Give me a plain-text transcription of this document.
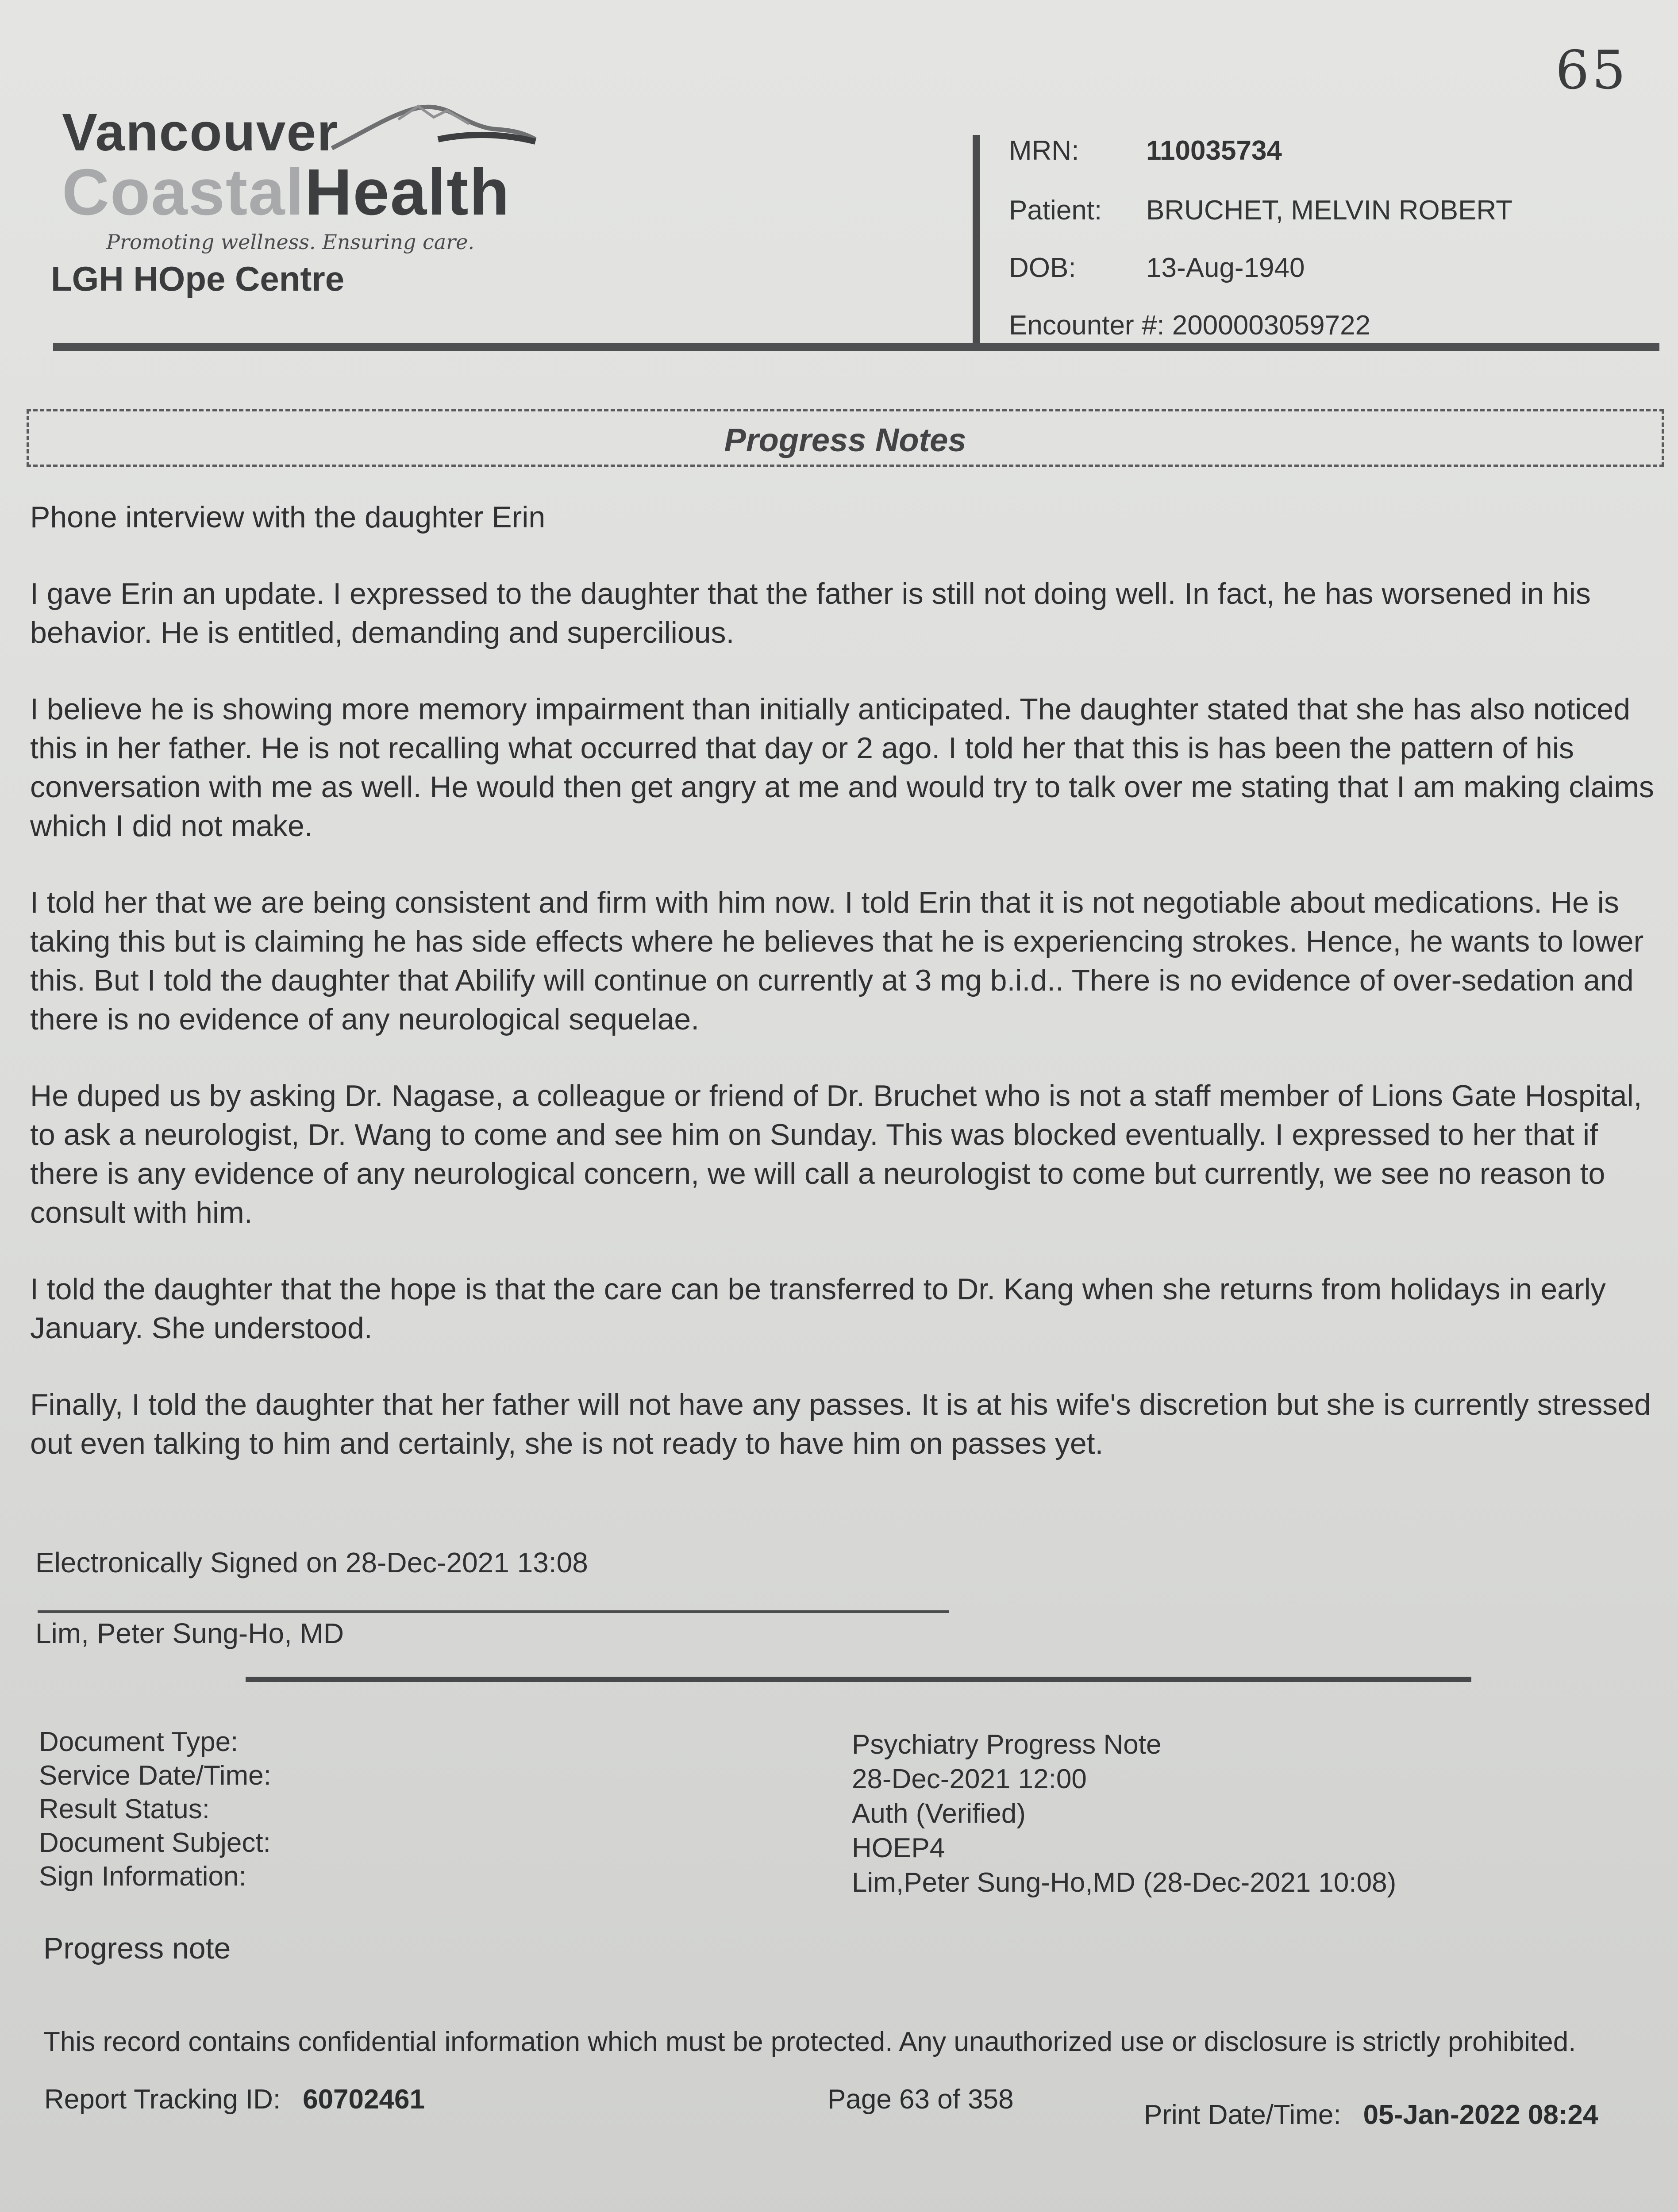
65
Vancouver
CoastalHealth
Promoting wellness. Ensuring care.
LGH HOpe Centre
MRN: 110035734
Patient: BRUCHET, MELVIN ROBERT
DOB:	13-Aug-1940
Encounter #: 2000003059722
Progress Notes

Phone interview with the daughter Erin

I gave Erin an update. I expressed to the daughter that the father is still not doing well. In fact, he has worsened in his behavior. He is entitled, demanding and supercilious.

I believe he is showing more memory impairment than initially anticipated. The daughter stated that she has also noticed this in her father. He is not recalling what occurred that day or 2 ago. I told her that this is has been the pattern of his conversation with me as well. He would then get angry at me and would try to talk over me stating that I am making claims which I did not make.

I told her that we are being consistent and firm with him now. I told Erin that it is not negotiable about medications. He is taking this but is claiming he has side effects where he believes that he is experiencing strokes. Hence, he wants to lower this. But I told the daughter that Abilify will continue on currently at 3 mg b.i.d.. There is no evidence of over-sedation and there is no evidence of any neurological sequelae.

He duped us by asking Dr. Nagase, a colleague or friend of Dr. Bruchet who is not a staff member of Lions Gate Hospital, to ask a neurologist, Dr. Wang to come and see him on Sunday. This was blocked eventually. I expressed to her that if there is any evidence of any neurological concern, we will call a neurologist to come but currently, we see no reason to consult with him.

I told the daughter that the hope is that the care can be transferred to Dr. Kang when she returns from holidays in early January. She understood.

Finally, I told the daughter that her father will not have any passes. It is at his wife's discretion but she is currently stressed out even talking to him and certainly, she is not ready to have him on passes yet.

Electronically Signed on 28-Dec-2021 13:08
Lim, Peter Sung-Ho, MD
Document Type:
Service Date/Time:
Result Status:
Document Subject:
Sign Information:
Psychiatry Progress Note
28-Dec-2021 12:00
Auth (Verified)
HOEP4
Lim,Peter Sung-Ho,MD (28-Dec-2021 10:08)
Progress note
This record contains confidential information which must be protected. Any unauthorized use or disclosure is strictly prohibited.
Report Tracking ID: 60702461	Page 63 of 358
Print Date/Time: 05-Jan-2022 08:24
